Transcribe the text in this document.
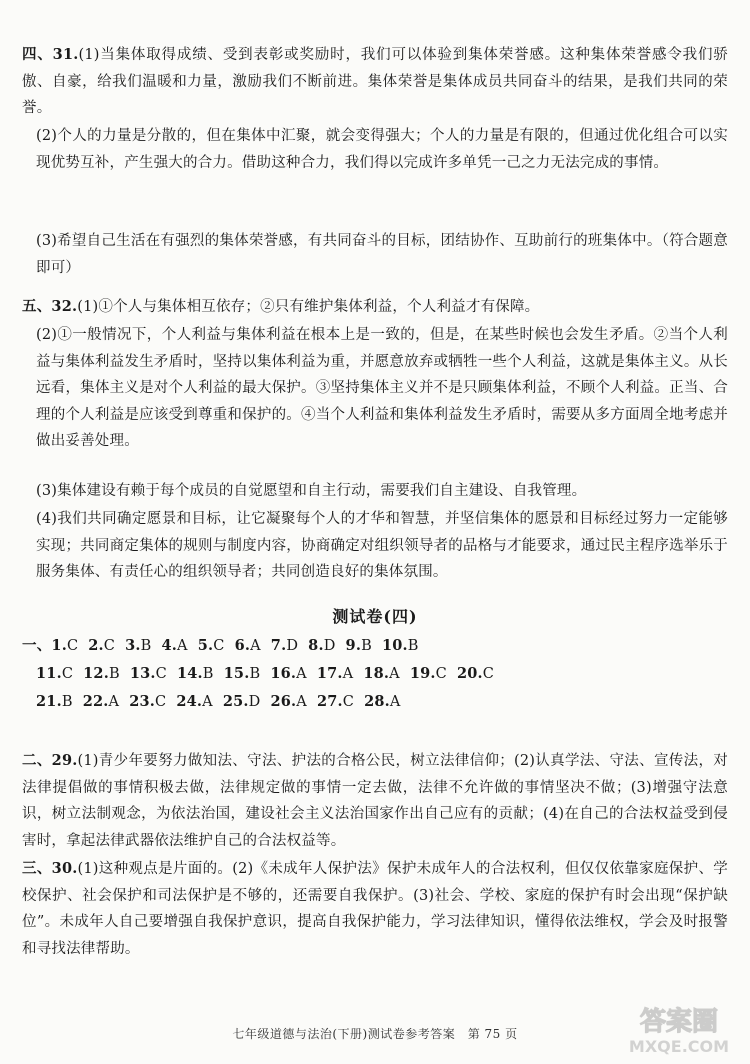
四、31.(1)当集体取得成绩、受到表彰或奖励时，我们可以体验到集体荣誉感。这种集体荣誉感令我们骄傲、自豪，给我们温暖和力量，激励我们不断前进。集体荣誉是集体成员共同奋斗的结果，是我们共同的荣誉。

(2)个人的力量是分散的，但在集体中汇聚，就会变得强大；个人的力量是有限的，但通过优化组合可以实现优势互补，产生强大的合力。借助这种合力，我们得以完成许多单凭一己之力无法完成的事情。

(3)希望自己生活在有强烈的集体荣誉感，有共同奋斗的目标，团结协作、互助前行的班集体中。（符合题意即可）

五、32.(1)①个人与集体相互依存；②只有维护集体利益，个人利益才有保障。

(2)①一般情况下，个人利益与集体利益在根本上是一致的，但是，在某些时候也会发生矛盾。②当个人利益与集体利益发生矛盾时，坚持以集体利益为重，并愿意放弃或牺牲一些个人利益，这就是集体主义。从长远看，集体主义是对个人利益的最大保护。③坚持集体主义并不是只顾集体利益，不顾个人利益。正当、合理的个人利益是应该受到尊重和保护的。④当个人利益和集体利益发生矛盾时，需要从多方面周全地考虑并做出妥善处理。

(3)集体建设有赖于每个成员的自觉愿望和自主行动，需要我们自主建设、自我管理。

(4)我们共同确定愿景和目标，让它凝聚每个人的才华和智慧，并坚信集体的愿景和目标经过努力一定能够实现；共同商定集体的规则与制度内容，协商确定对组织领导者的品格与才能要求，通过民主程序选举乐于服务集体、有责任心的组织领导者；共同创造良好的集体氛围。

测试卷(四)
一、1.C 2.C 3.B 4.A 5.C 6.A 7.D 8.D 9.B 10.B
11.C 12.B 13.C 14.B 15.B 16.A 17.A 18.A 19.C 20.C
21.B 22.A 23.C 24.A 25.D 26.A 27.C 28.A

二、29.(1)青少年要努力做知法、守法、护法的合格公民，树立法律信仰；(2)认真学法、守法、宣传法，对法律提倡做的事情积极去做，法律规定做的事情一定去做，法律不允许做的事情坚决不做；(3)增强守法意识，树立法制观念，为依法治国，建设社会主义法治国家作出自己应有的贡献；(4)在自己的合法权益受到侵害时，拿起法律武器依法维护自己的合法权益等。

三、30.(1)这种观点是片面的。(2)《未成年人保护法》保护未成年人的合法权利，但仅仅依靠家庭保护、学校保护、社会保护和司法保护是不够的，还需要自我保护。(3)社会、学校、家庭的保护有时会出现“保护缺位”。未成年人自己要增强自我保护意识，提高自我保护能力，学习法律知识，懂得依法维权，学会及时报警和寻找法律帮助。

七年级道德与法治(下册)测试卷参考答案　第 75 页	答案圈
MXQE.COM
